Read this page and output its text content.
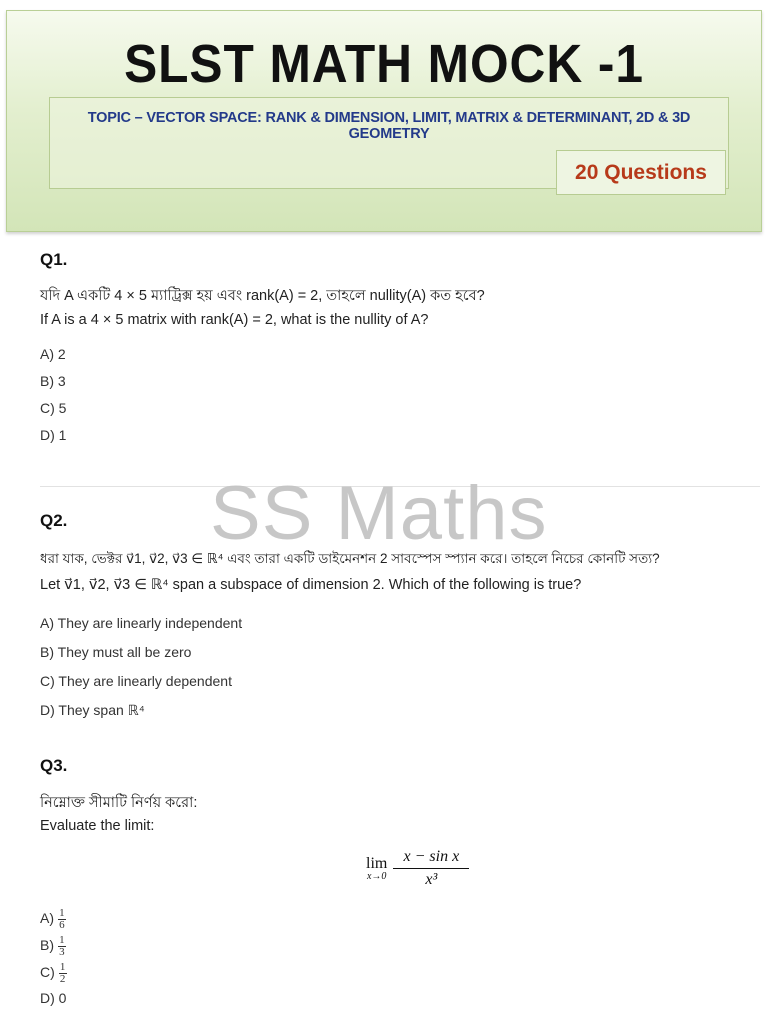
SLST MATH MOCK -1
TOPIC – VECTOR SPACE: RANK & DIMENSION, LIMIT, MATRIX & DETERMINANT, 2D & 3D GEOMETRY
20 Questions
Q1.
যদি A একটি 4 × 5 ম্যাট্রিক্স হয় এবং rank(A) = 2, তাহলে nullity(A) কত হবে?
If A is a 4 × 5 matrix with rank(A) = 2, what is the nullity of A?
A) 2
B) 3
C) 5
D) 1
SS Maths
Q2.
ধরা যাক, ভেক্টর v⃗1, v⃗2, v⃗3 ∈ ℝ⁴ এবং তারা একটি ডাইমেনশন 2 সাবস্পেস স্প্যান করে। তাহলে নিচের কোনটি সত্য?
Let v⃗1, v⃗2, v⃗3 ∈ ℝ⁴ span a subspace of dimension 2. Which of the following is true?
A) They are linearly independent
B) They must all be zero
C) They are linearly dependent
D) They span ℝ⁴
Q3.
নিম্নোক্ত সীমাটি নির্ণয় করো:
Evaluate the limit:
lim
x→0
x − sin x
x³
$A) \frac{1}{6}$
$B) \frac{1}{3}$
$C) \frac{1}{2}$
D) 0
